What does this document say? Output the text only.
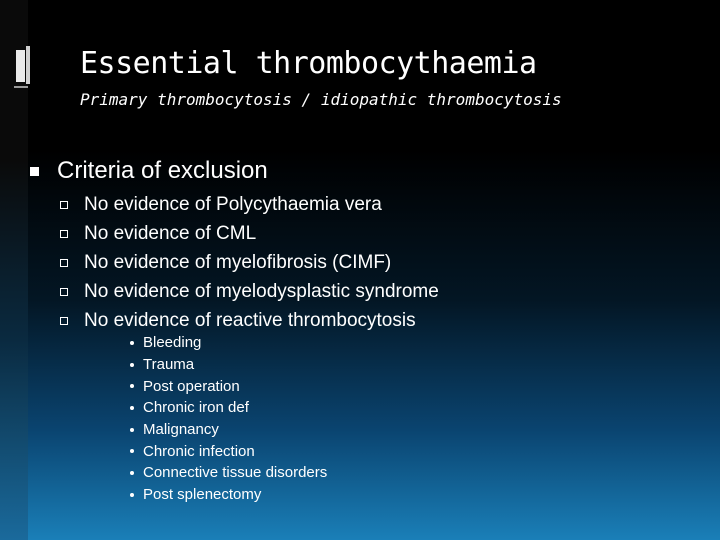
Essential thrombocythaemia
Primary thrombocytosis / idiopathic thrombocytosis
Criteria of exclusion
No evidence of Polycythaemia vera
No evidence of CML
No evidence of myelofibrosis (CIMF)
No evidence of myelodysplastic syndrome
No evidence of reactive thrombocytosis
Bleeding
Trauma
Post operation
Chronic iron def
Malignancy
Chronic infection
Connective tissue disorders
Post splenectomy
